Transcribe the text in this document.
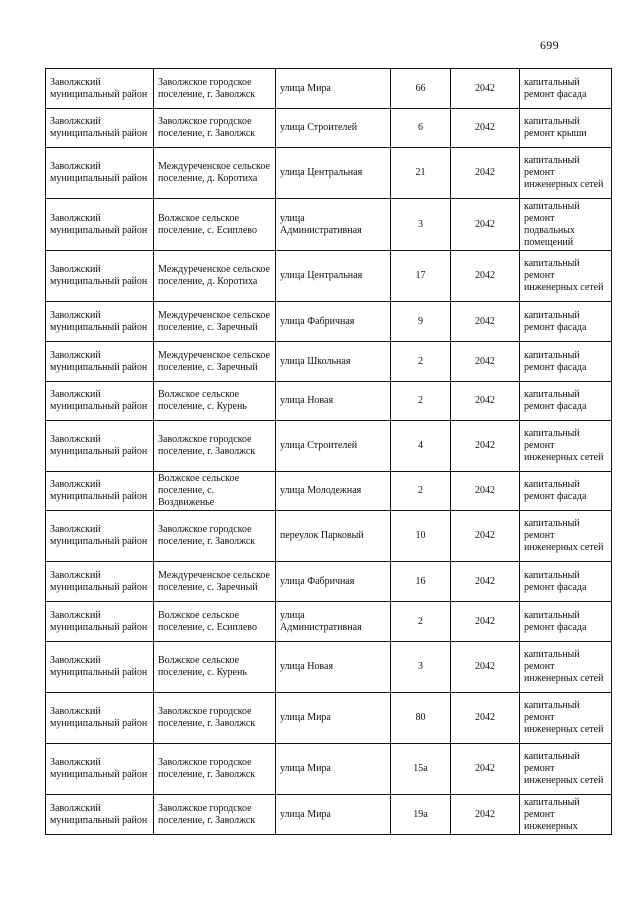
699
Заволжский муниципальный район	Заволжское городское поселение, г. Заволжск	улица Мира	66	2042	капитальный ремонт фасада
Заволжский муниципальный район	Заволжское городское поселение, г. Заволжск	улица Строителей	6	2042	капитальный ремонт крыши
Заволжский муниципальный район	Междуреченское сельское поселение, д. Коротиха	улица Центральная	21	2042	капитальный ремонт инженерных сетей
Заволжский муниципальный район	Волжское сельское поселение, с. Есиплево	улица Административная	3	2042	капитальный ремонт подвальных помещений
Заволжский муниципальный район	Междуреченское сельское поселение, д. Коротиха	улица Центральная	17	2042	капитальный ремонт инженерных сетей
Заволжский муниципальный район	Междуреченское сельское поселение, с. Заречный	улица Фабричная	9	2042	капитальный ремонт фасада
Заволжский муниципальный район	Междуреченское сельское поселение, с. Заречный	улица Школьная	2	2042	капитальный ремонт фасада
Заволжский муниципальный район	Волжское сельское поселение, с. Курень	улица Новая	2	2042	капитальный ремонт фасада
Заволжский муниципальный район	Заволжское городское поселение, г. Заволжск	улица Строителей	4	2042	капитальный ремонт инженерных сетей
Заволжский муниципальный район	Волжское сельское поселение, с. Воздвиженье	улица Молодежная	2	2042	капитальный ремонт фасада
Заволжский муниципальный район	Заволжское городское поселение, г. Заволжск	переулок Парковый	10	2042	капитальный ремонт инженерных сетей
Заволжский муниципальный район	Междуреченское сельское поселение, с. Заречный	улица Фабричная	16	2042	капитальный ремонт фасада
Заволжский муниципальный район	Волжское сельское поселение, с. Есиплево	улица Административная	2	2042	капитальный ремонт фасада
Заволжский муниципальный район	Волжское сельское поселение, с. Курень	улица Новая	3	2042	капитальный ремонт инженерных сетей
Заволжский муниципальный район	Заволжское городское поселение, г. Заволжск	улица Мира	80	2042	капитальный ремонт инженерных сетей
Заволжский муниципальный район	Заволжское городское поселение, г. Заволжск	улица Мира	15а	2042	капитальный ремонт инженерных сетей
Заволжский муниципальный район	Заволжское городское поселение, г. Заволжск	улица Мира	19а	2042	капитальный ремонт инженерных
